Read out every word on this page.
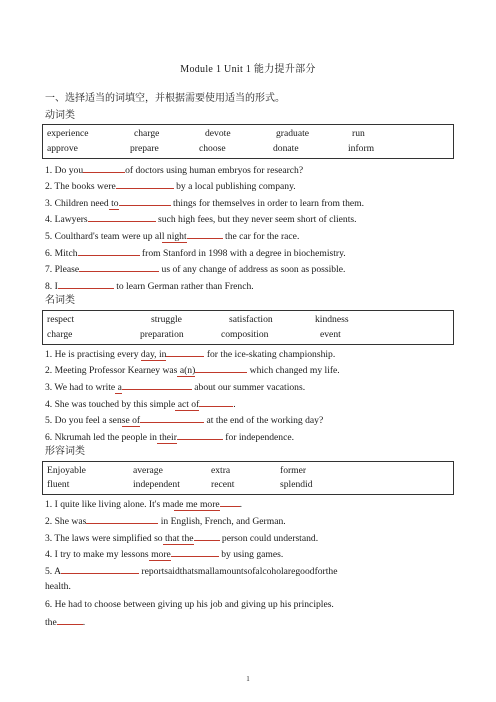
Module 1 Unit 1 能力提升部分
一、选择适当的词填空，并根据需要使用适当的形式。
动词类
experience	charge	devote	graduate	run
approve	prepare	choose	donate	inform
1. Do you	of doctors using human embryos for research?
2. The books were	by a local publishing company.
3. Children need to	things for themselves in order to learn from them.
4. Lawyers	such high fees, but they never seem short of clients.
5. Coulthard's team were up all night	the car for the race.
6. Mitch	from Stanford in 1998 with a degree in biochemistry.
7. Please	us of any change of address as soon as possible.
8. I	to learn German rather than French.
名词类
respect	struggle	satisfaction	kindness
charge	preparation	composition	event
1. He is practising every day, in	for the ice-skating championship.
2. Meeting Professor Kearney was a(n)	which changed my life.
3. We had to write a	about our summer vacations.
4. She was touched by this simple act of	.
5. Do you feel a sense of	at the end of the working day?
6. Nkrumah led the people in their	for independence.
形容词类
Enjoyable	average	extra	former
fluent	independent	recent	splendid
1. I quite like living alone. It's made me more .
2. She was	in English, French, and German.
3. The laws were simplified so that the	person could understand.
4. I try to make my lessons more	by using games.
5. A	reportsaidthatsmallamountsofalcoholaregoodforthe
health.
6. He had to choose between giving up his job and giving up his principles.
the	.
1
